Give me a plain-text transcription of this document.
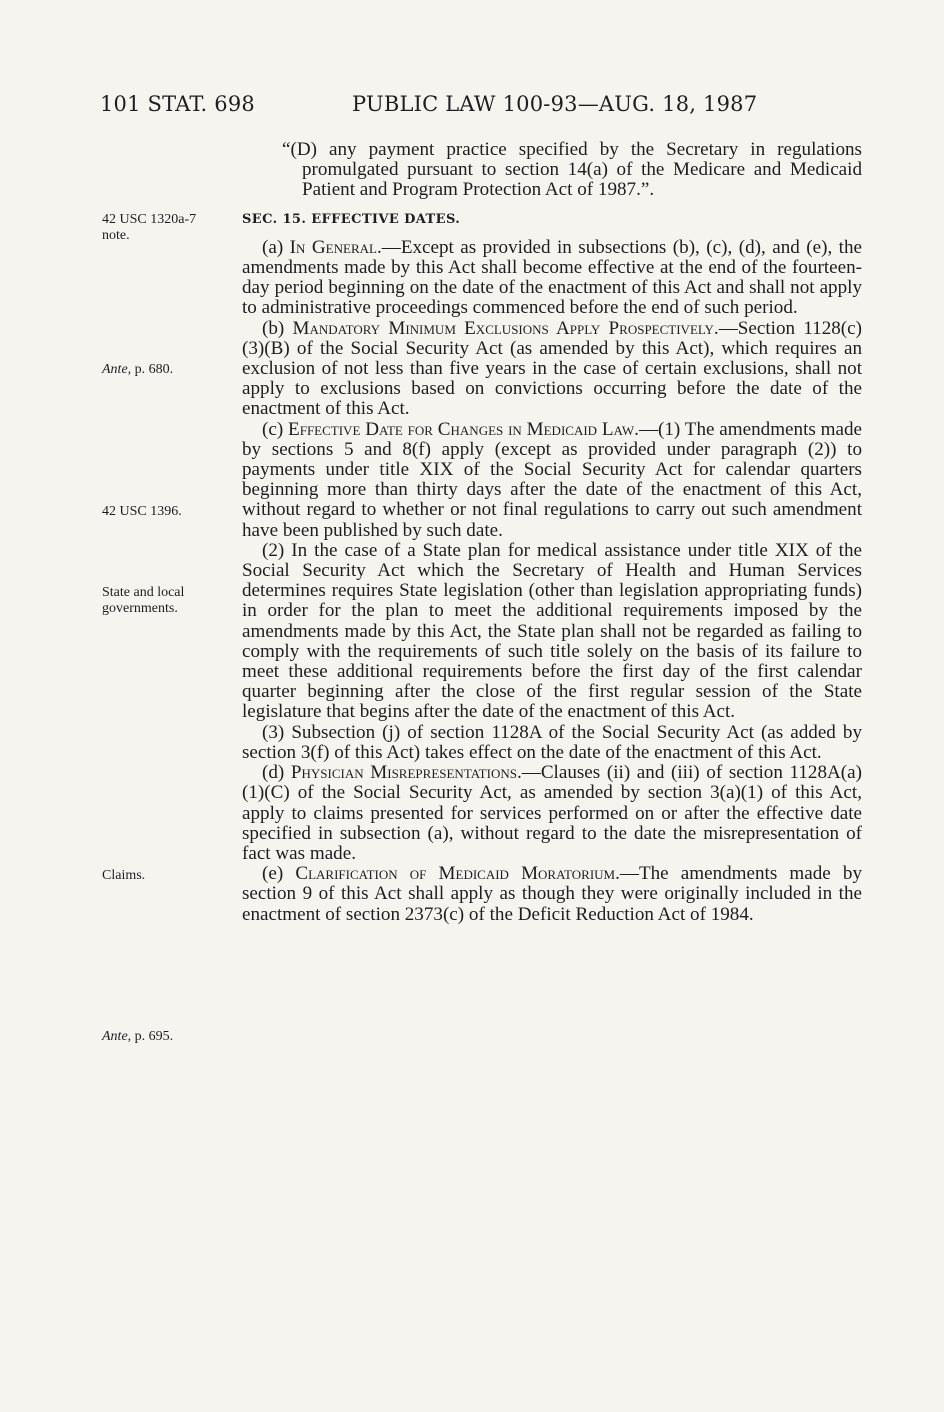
101 STAT. 698	PUBLIC LAW 100-93—AUG. 18, 1987
42 USC 1320a-7 note.
Ante, p. 680.
42 USC 1396.
State and local governments.
Claims.
Ante, p. 695.

“(D) any payment practice specified by the Secretary in regulations promulgated pursuant to section 14(a) of the Medicare and Medicaid Patient and Program Protection Act of 1987.”.

SEC. 15. EFFECTIVE DATES.

(a) In General.—Except as provided in subsections (b), (c), (d), and (e), the amendments made by this Act shall become effective at the end of the fourteen-day period beginning on the date of the enactment of this Act and shall not apply to administrative proceedings commenced before the end of such period.

(b) Mandatory Minimum Exclusions Apply Prospectively.—Section 1128(c)(3)(B) of the Social Security Act (as amended by this Act), which requires an exclusion of not less than five years in the case of certain exclusions, shall not apply to exclusions based on convictions occurring before the date of the enactment of this Act.

(c) Effective Date for Changes in Medicaid Law.—(1) The amendments made by sections 5 and 8(f) apply (except as provided under paragraph (2)) to payments under title XIX of the Social Security Act for calendar quarters beginning more than thirty days after the date of the enactment of this Act, without regard to whether or not final regulations to carry out such amendment have been published by such date.

(2) In the case of a State plan for medical assistance under title XIX of the Social Security Act which the Secretary of Health and Human Services determines requires State legislation (other than legislation appropriating funds) in order for the plan to meet the additional requirements imposed by the amendments made by this Act, the State plan shall not be regarded as failing to comply with the requirements of such title solely on the basis of its failure to meet these additional requirements before the first day of the first calendar quarter beginning after the close of the first regular session of the State legislature that begins after the date of the enactment of this Act.

(3) Subsection (j) of section 1128A of the Social Security Act (as added by section 3(f) of this Act) takes effect on the date of the enactment of this Act.

(d) Physician Misrepresentations.—Clauses (ii) and (iii) of section 1128A(a)(1)(C) of the Social Security Act, as amended by section 3(a)(1) of this Act, apply to claims presented for services performed on or after the effective date specified in subsection (a), without regard to the date the misrepresentation of fact was made.

(e) Clarification of Medicaid Moratorium.—The amendments made by section 9 of this Act shall apply as though they were originally included in the enactment of section 2373(c) of the Deficit Reduction Act of 1984.
